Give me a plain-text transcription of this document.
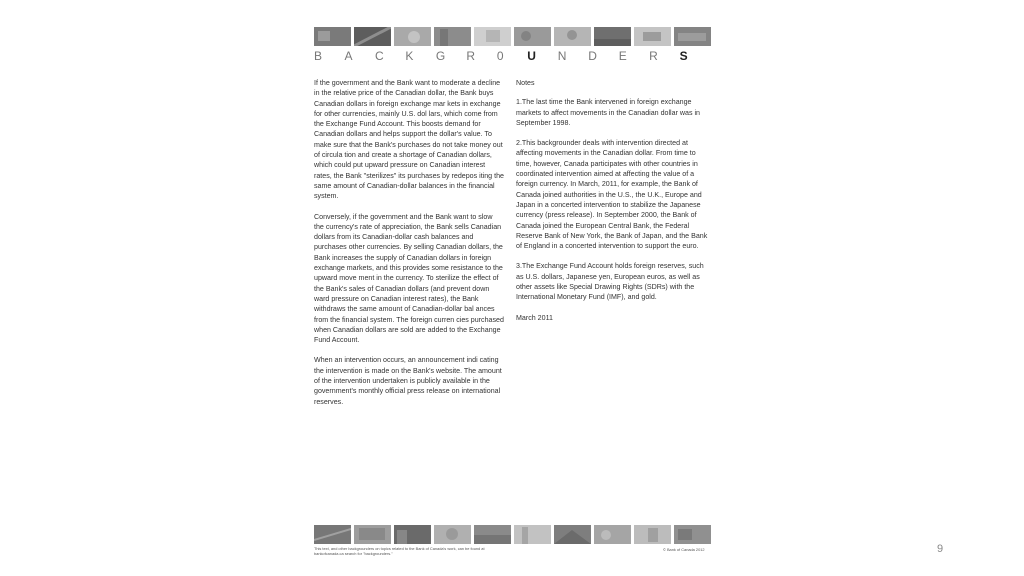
B	A	C	K	G	R	0	U	N	D	E	R	S

If the government and the Bank want to moderate a decline in the relative price of the Canadian dollar, the Bank buys Canadian dollars in foreign exchange mar kets in exchange for other currencies, mainly U.S. dol lars, which come from the Exchange Fund Account. This boosts demand for Canadian dollars and helps support the dollar's value. To make sure that the Bank's purchases do not take money out of circula tion and create a shortage of Canadian dollars, which could put upward pressure on Canadian interest rates, the Bank "sterilizes" its purchases by redepos iting the same amount of Canadian-dollar balances in the financial system.

Conversely, if the government and the Bank want to slow the currency's rate of appreciation, the Bank sells Canadian dollars from its Canadian-dollar cash balances and purchases other currencies. By selling Canadian dollars, the Bank increases the supply of Canadian dollars in foreign exchange markets, and this provides some resistance to the upward move ment in the currency. To sterilize the effect of the Bank's sales of Canadian dollars (and prevent down ward pressure on Canadian interest rates), the Bank withdraws the same amount of Canadian-dollar bal ances from the financial system. The foreign curren cies purchased when Canadian dollars are sold are added to the Exchange Fund Account.

When an intervention occurs, an announcement indi cating the intervention is made on the Bank's website. The amount of the intervention undertaken is publicly available in the government's monthly official press release on international reserves.

Notes

1.The last time the Bank intervened in foreign exchange markets to affect movements in the Canadian dollar was in September 1998.

2.This backgrounder deals with intervention directed at affecting movements in the Canadian dollar. From time to time, however, Canada participates with other countries in coordinated intervention aimed at affecting the value of a foreign currency. In March, 2011, for example, the Bank of Canada joined authorities in the U.S., the U.K., Europe and Japan in a concerted intervention to stabilize the Japanese currency (press release). In September 2000, the Bank of Canada joined the European Central Bank, the Federal Reserve Bank of New York, the Bank of Japan, and the Bank of England in a concerted intervention to support the euro.

3.The Exchange Fund Account holds foreign reserves, such as U.S. dollars, Japanese yen, European euros, as well as other assets like Special Drawing Rights (SDRs) with the International Monetary Fund (IMF), and gold.

March 2011

This text, and other backgrounders on topics related to the Bank of Canada's work, can be found at bankofcanada.ca search for "backgrounders."
© Bank of Canada 2012	9
